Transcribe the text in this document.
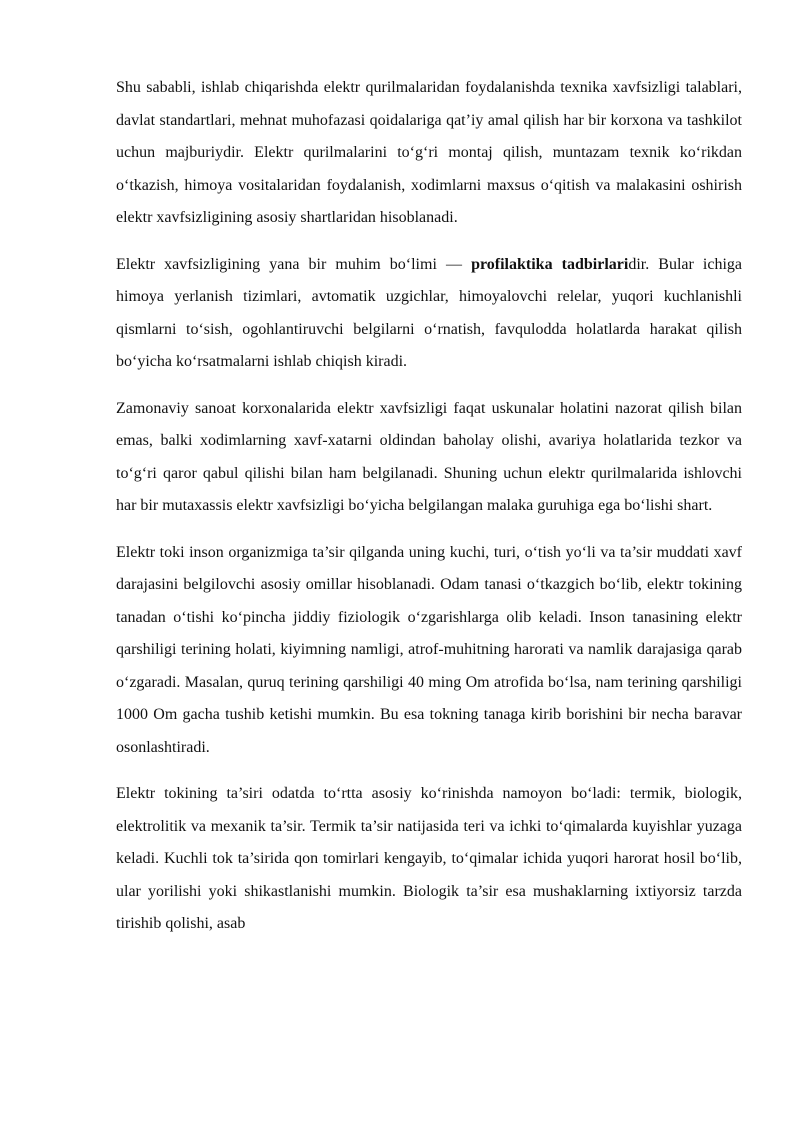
Shu sababli, ishlab chiqarishda elektr qurilmalaridan foydalanishda texnika xavfsizligi talablari, davlat standartlari, mehnat muhofazasi qoidalariga qat’iy amal qilish har bir korxona va tashkilot uchun majburiydir. Elektr qurilmalarini to‘g‘ri montaj qilish, muntazam texnik ko‘rikdan o‘tkazish, himoya vositalaridan foydalanish, xodimlarni maxsus o‘qitish va malakasini oshirish elektr xavfsizligining asosiy shartlaridan hisoblanadi.

Elektr xavfsizligining yana bir muhim bo‘limi — profilaktika tadbirlaridir. Bular ichiga himoya yerlanish tizimlari, avtomatik uzgichlar, himoyalovchi relelar, yuqori kuchlanishli qismlarni to‘sish, ogohlantiruvchi belgilarni o‘rnatish, favqulodda holatlarda harakat qilish bo‘yicha ko‘rsatmalarni ishlab chiqish kiradi.

Zamonaviy sanoat korxonalarida elektr xavfsizligi faqat uskunalar holatini nazorat qilish bilan emas, balki xodimlarning xavf-xatarni oldindan baholay olishi, avariya holatlarida tezkor va to‘g‘ri qaror qabul qilishi bilan ham belgilanadi. Shuning uchun elektr qurilmalarida ishlovchi har bir mutaxassis elektr xavfsizligi bo‘yicha belgilangan malaka guruhiga ega bo‘lishi shart.

Elektr toki inson organizmiga ta’sir qilganda uning kuchi, turi, o‘tish yo‘li va ta’sir muddati xavf darajasini belgilovchi asosiy omillar hisoblanadi. Odam tanasi o‘tkazgich bo‘lib, elektr tokining tanadan o‘tishi ko‘pincha jiddiy fiziologik o‘zgarishlarga olib keladi. Inson tanasining elektr qarshiligi terining holati, kiyimning namligi, atrof-muhitning harorati va namlik darajasiga qarab o‘zgaradi. Masalan, quruq terining qarshiligi 40 ming Om atrofida bo‘lsa, nam terining qarshiligi 1000 Om gacha tushib ketishi mumkin. Bu esa tokning tanaga kirib borishini bir necha baravar osonlashtiradi.

Elektr tokining ta’siri odatda to‘rtta asosiy ko‘rinishda namoyon bo‘ladi: termik, biologik, elektrolitik va mexanik ta’sir. Termik ta’sir natijasida teri va ichki to‘qimalarda kuyishlar yuzaga keladi. Kuchli tok ta’sirida qon tomirlari kengayib, to‘qimalar ichida yuqori harorat hosil bo‘lib, ular yorilishi yoki shikastlanishi mumkin. Biologik ta’sir esa mushaklarning ixtiyorsiz tarzda tirishib qolishi, asab
